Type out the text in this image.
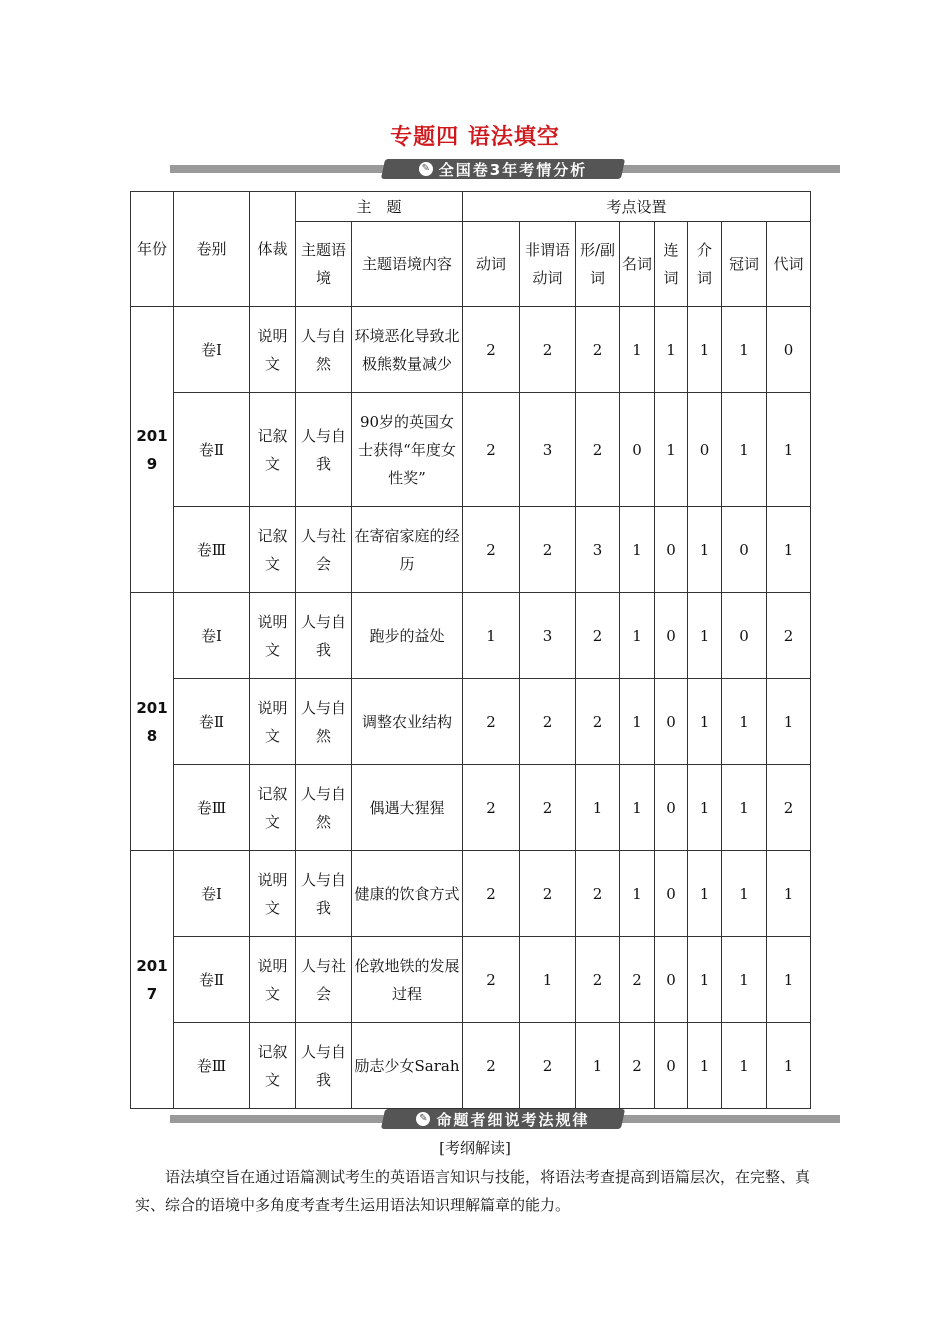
专题四 语法填空
✎ 全国卷3年考情分析
年份	卷别	体裁	主　题		考点设置							
			主题语境	主题语境内容	动词	非谓语动词	形/副词	名词	连词	介词	冠词	代词
2019	卷Ⅰ	说明文	人与自然	环境恶化导致北极熊数量减少	2	2	2	1	1	1	1	0
	卷Ⅱ	记叙文	人与自我	90岁的英国女士获得“年度女性奖”	2	3	2	0	1	0	1	1
	卷Ⅲ	记叙文	人与社会	在寄宿家庭的经历	2	2	3	1	0	1	0	1
2018	卷Ⅰ	说明文	人与自我	跑步的益处	1	3	2	1	0	1	0	2
	卷Ⅱ	说明文	人与自然	调整农业结构	2	2	2	1	0	1	1	1
	卷Ⅲ	记叙文	人与自然	偶遇大猩猩	2	2	1	1	0	1	1	2
2017	卷Ⅰ	说明文	人与自我	健康的饮食方式	2	2	2	1	0	1	1	1
	卷Ⅱ	说明文	人与社会	伦敦地铁的发展过程	2	1	2	2	0	1	1	1
	卷Ⅲ	记叙文	人与自我	励志少女Sarah	2	2	1	2	0	1	1	1
✎ 命题者细说考法规律
[考纲解读]
语法填空旨在通过语篇测试考生的英语语言知识与技能，将语法考查提高到语篇层次，在完整、真实、综合的语境中多角度考查考生运用语法知识理解篇章的能力。
